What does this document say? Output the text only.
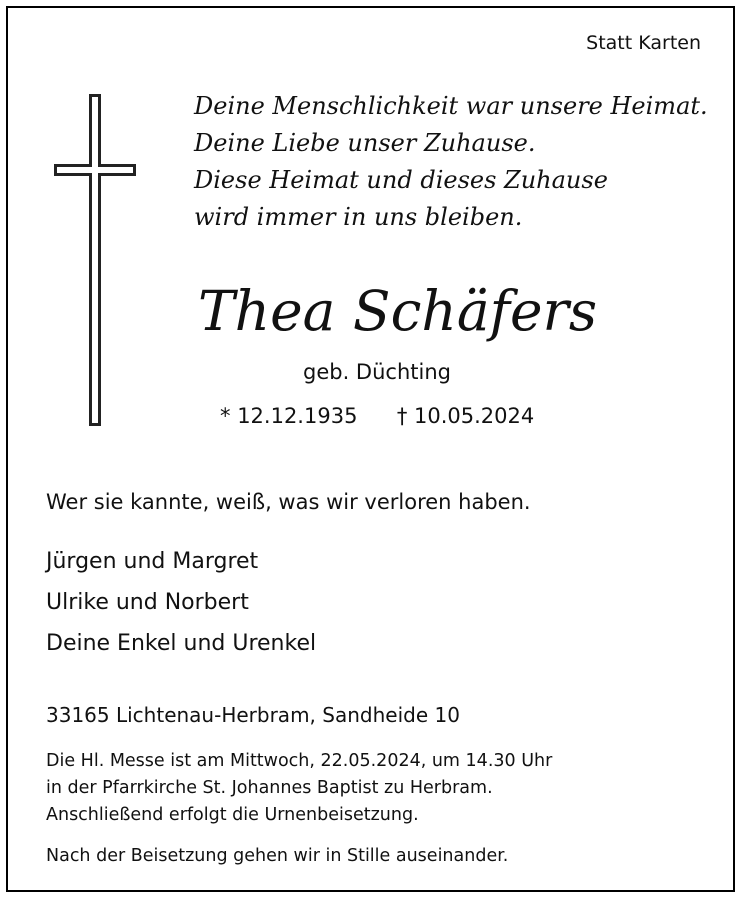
Statt Karten
Deine Menschlichkeit war unsere Heimat.
Deine Liebe unser Zuhause.
Diese Heimat und dieses Zuhause
wird immer in uns bleiben.
Thea Schäfers
geb. Düchting
* 12.12.1935 † 10.05.2024
Wer sie kannte, weiß, was wir verloren haben.
Jürgen und Margret
Ulrike und Norbert
Deine Enkel und Urenkel
33165 Lichtenau-Herbram, Sandheide 10
Die Hl. Messe ist am Mittwoch, 22.05.2024, um 14.30 Uhr
in der Pfarrkirche St. Johannes Baptist zu Herbram.
Anschließend erfolgt die Urnenbeisetzung.
Nach der Beisetzung gehen wir in Stille auseinander.
